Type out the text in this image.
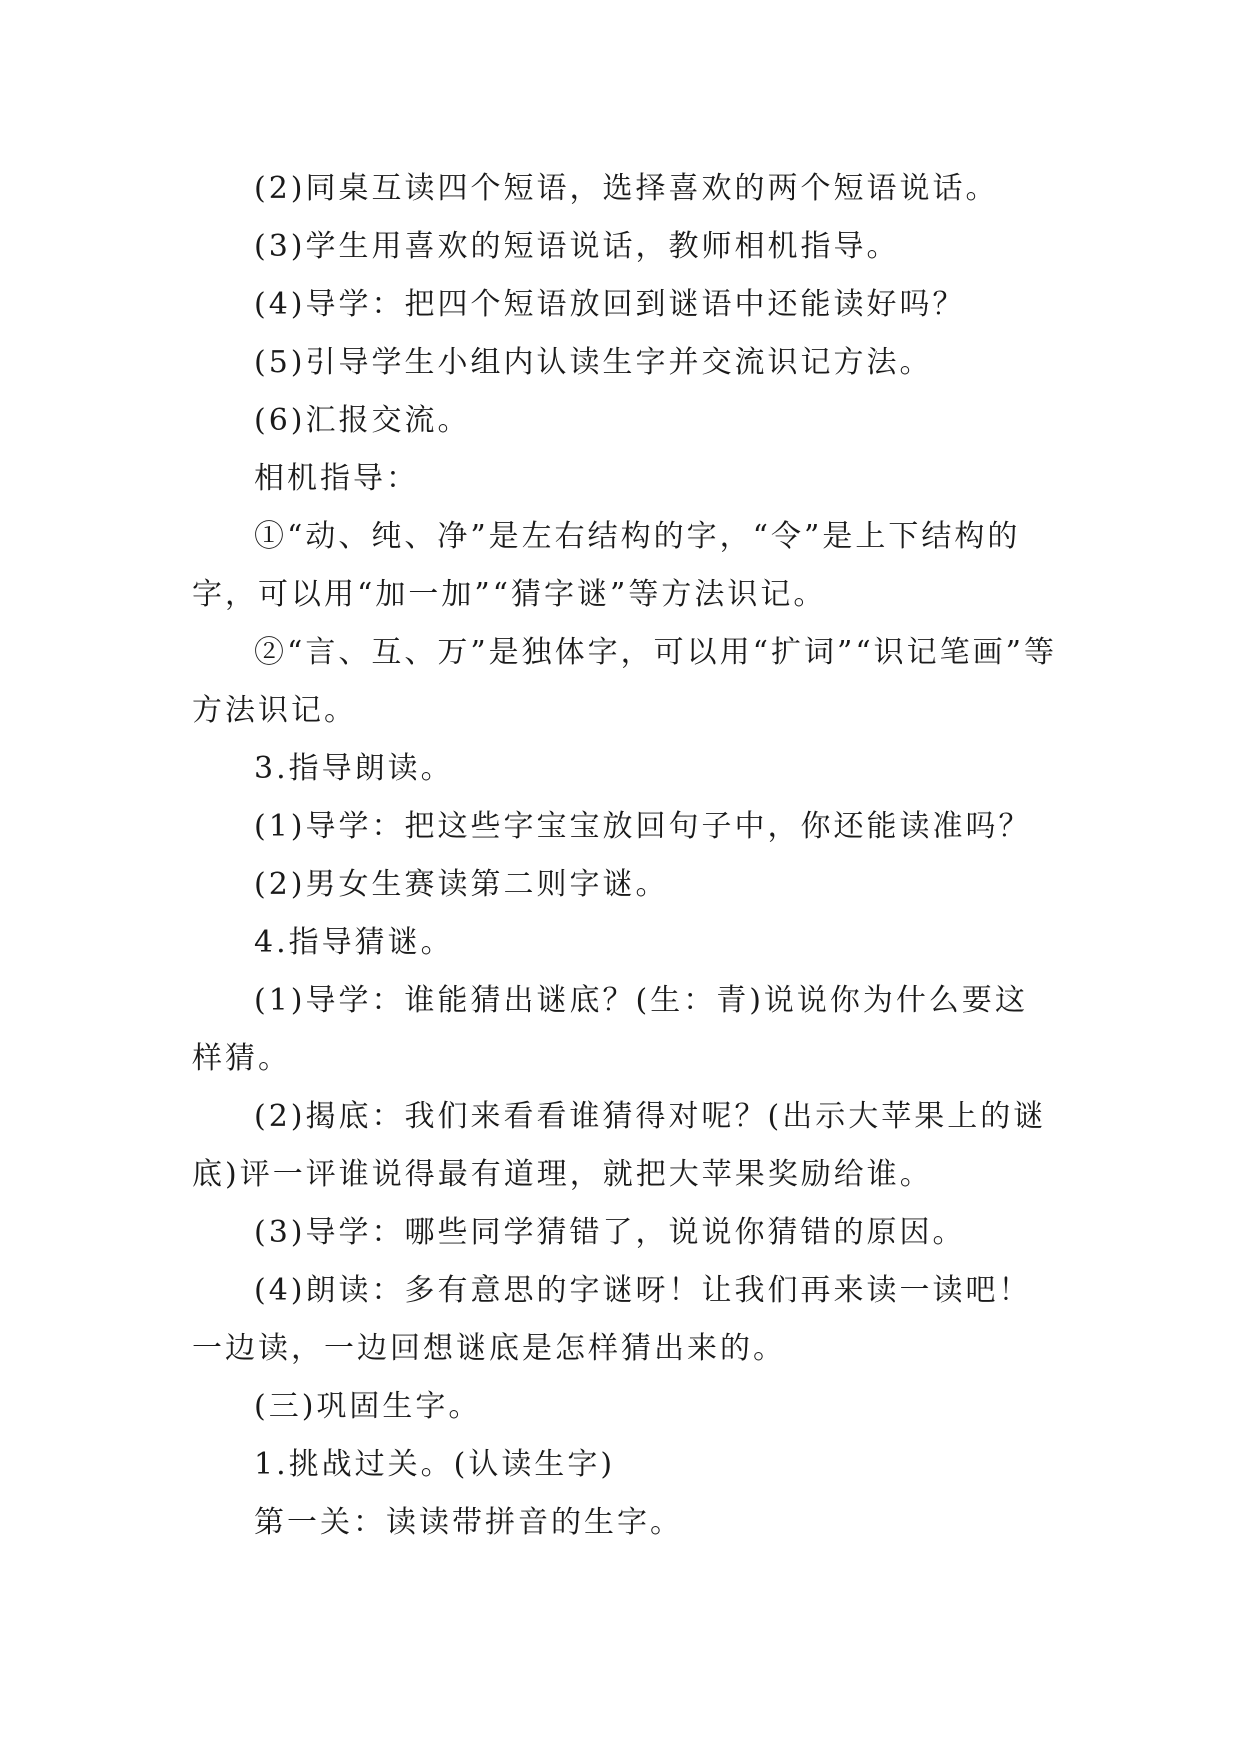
(2)同桌互读四个短语，选择喜欢的两个短语说话。

(3)学生用喜欢的短语说话，教师相机指导。

(4)导学：把四个短语放回到谜语中还能读好吗？

(5)引导学生小组内认读生字并交流识记方法。

(6)汇报交流。

相机指导：

①“动、纯、净”是左右结构的字，“令”是上下结构的字，可以用“加一加”“猜字谜”等方法识记。

②“言、互、万”是独体字，可以用“扩词”“识记笔画”等方法识记。

3.指导朗读。

(1)导学：把这些字宝宝放回句子中，你还能读准吗？

(2)男女生赛读第二则字谜。

4.指导猜谜。

(1)导学：谁能猜出谜底？(生：青)说说你为什么要这样猜。

(2)揭底：我们来看看谁猜得对呢？(出示大苹果上的谜底)评一评谁说得最有道理，就把大苹果奖励给谁。

(3)导学：哪些同学猜错了，说说你猜错的原因。

(4)朗读：多有意思的字谜呀！让我们再来读一读吧！一边读，一边回想谜底是怎样猜出来的。

(三)巩固生字。

1.挑战过关。(认读生字)

第一关：读读带拼音的生字。
